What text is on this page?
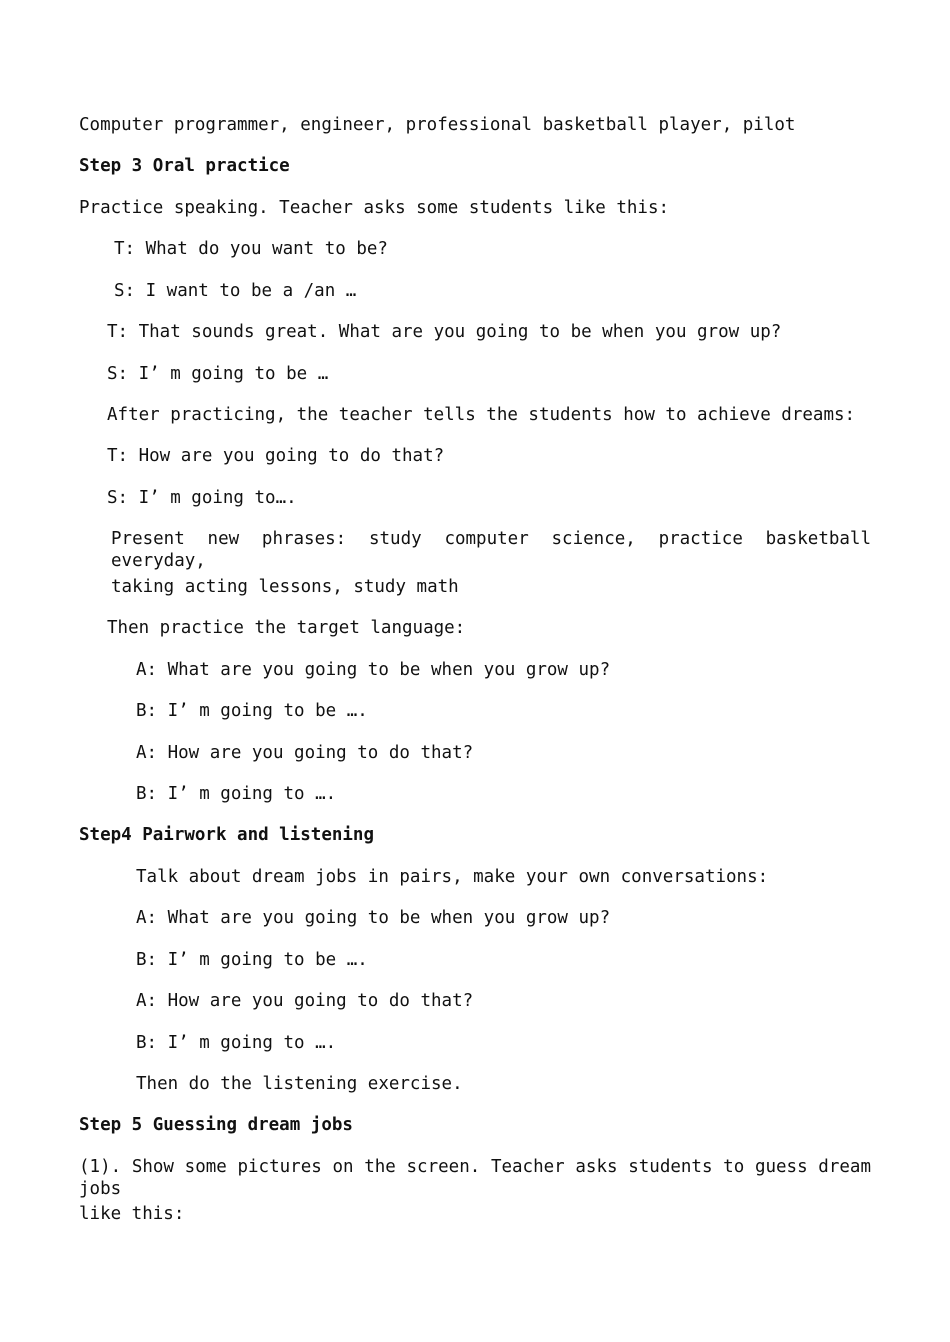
Computer programmer, engineer, professional basketball player, pilot
Step 3 Oral practice
Practice speaking. Teacher asks some students like this:
T: What do you want to be?
S: I want to be a /an …
T: That sounds great. What are you going to be when you grow up?
S: I’ m going to be …
After practicing, the teacher tells the students how to achieve dreams:
T: How are you going to do that?
S: I’ m going to….
Present new phrases: study computer science, practice basketball everyday,
taking acting lessons, study math
Then practice the target language:
A: What are you going to be when you grow up?
B: I’ m going to be ….
A: How are you going to do that?
B: I’ m going to ….
Step4 Pairwork and listening
Talk about dream jobs in pairs, make your own conversations:
A: What are you going to be when you grow up?
B: I’ m going to be ….
A: How are you going to do that?
B: I’ m going to ….
Then do the listening exercise.
Step 5 Guessing dream jobs
(1). Show some pictures on the screen. Teacher asks students to guess dream jobs
like this:
